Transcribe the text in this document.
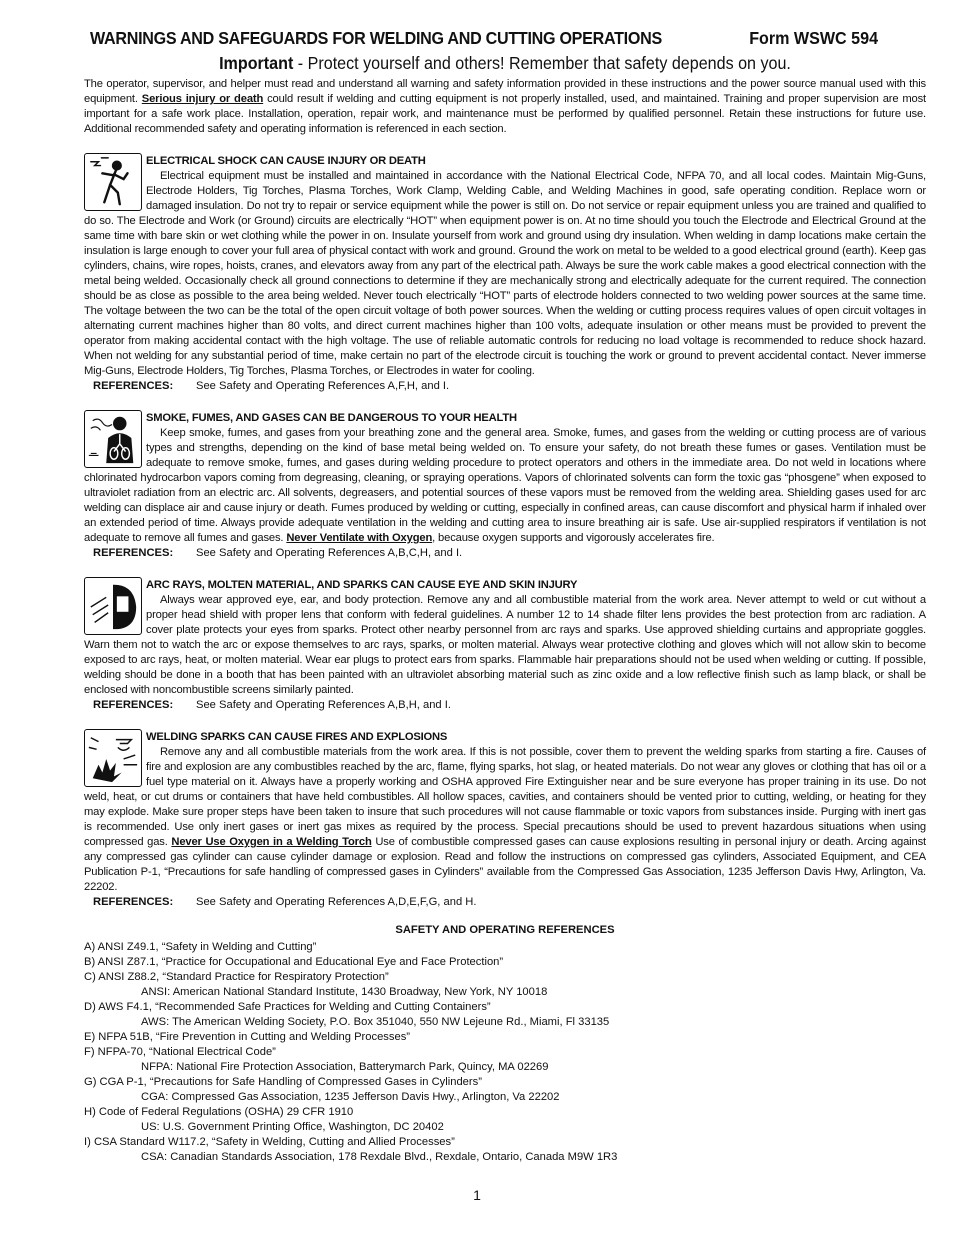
WARNINGS AND SAFEGUARDS FOR WELDING AND CUTTING OPERATIONS	Form WSWC 594
Important - Protect yourself and others! Remember that safety depends on you.
The operator, supervisor, and helper must read and understand all warning and safety information provided in these instructions and the power source manual used with this equipment. Serious injury or death could result if welding and cutting equipment is not properly installed, used, and maintained. Training and proper supervision are most important for a safe work place. Installation, operation, repair work, and maintenance must be performed by qualified personnel. Retain these instructions for future use. Additional recommended safety and operating information is referenced in each section.
ELECTRICAL SHOCK CAN CAUSE INJURY OR DEATH
Electrical equipment must be installed and maintained in accordance with the National Electrical Code, NFPA 70, and all local codes. Maintain Mig-Guns, Electrode Holders, Tig Torches, Plasma Torches, Work Clamp, Welding Cable, and Welding Machines in good, safe operating condition. Replace worn or damaged insulation. Do not try to repair or service equipment while the power is still on. Do not service or repair equipment unless you are trained and qualified to do so. The Electrode and Work (or Ground) circuits are electrically “HOT” when equipment power is on. At no time should you touch the Electrode and Electrical Ground at the same time with bare skin or wet clothing while the power in on. Insulate yourself from work and ground using dry insulation. When welding in damp locations make certain the insulation is large enough to cover your full area of physical contact with work and ground. Ground the work on metal to be welded to a good electrical ground (earth). Keep gas cylinders, chains, wire ropes, hoists, cranes, and elevators away from any part of the electrical path. Always be sure the work cable makes a good electrical connection with the metal being welded. Occasionally check all ground connections to determine if they are mechanically strong and electrically adequate for the current required. The connection should be as close as possible to the area being welded. Never touch electrically “HOT” parts of electrode holders connected to two welding power sources at the same time. The voltage between the two can be the total of the open circuit voltage of both power sources. When the welding or cutting process requires values of open circuit voltages in alternating current machines higher than 80 volts, and direct current machines higher than 100 volts, adequate insulation or other means must be provided to prevent the operator from making accidental contact with the high voltage. The use of reliable automatic controls for reducing no load voltage is recommended to reduce shock hazard. When not welding for any substantial period of time, make certain no part of the electrode circuit is touching the work or ground to prevent accidental contact. Never immerse Mig-Guns, Electrode Holders, Tig Torches, Plasma Torches, or Electrodes in water for cooling.
REFERENCES: See Safety and Operating References A,F,H, and I.
SMOKE, FUMES, AND GASES CAN BE DANGEROUS TO YOUR HEALTH
Keep smoke, fumes, and gases from your breathing zone and the general area. Smoke, fumes, and gases from the welding or cutting process are of various types and strengths, depending on the kind of base metal being welded on. To ensure your safety, do not breath these fumes or gases. Ventilation must be adequate to remove smoke, fumes, and gases during welding procedure to protect operators and others in the immediate area. Do not weld in locations where chlorinated hydrocarbon vapors coming from degreasing, cleaning, or spraying operations. Vapors of chlorinated solvents can form the toxic gas “phosgene” when exposed to ultraviolet radiation from an electric arc. All solvents, degreasers, and potential sources of these vapors must be removed from the welding area. Shielding gases used for arc welding can displace air and cause injury or death. Fumes produced by welding or cutting, especially in confined areas, can cause discomfort and physical harm if inhaled over an extended period of time. Always provide adequate ventilation in the welding and cutting area to insure breathing air is safe. Use air-supplied respirators if ventilation is not adequate to remove all fumes and gases. Never Ventilate with Oxygen, because oxygen supports and vigorously accelerates fire.
REFERENCES: See Safety and Operating References A,B,C,H, and I.
ARC RAYS, MOLTEN MATERIAL, AND SPARKS CAN CAUSE EYE AND SKIN INJURY
Always wear approved eye, ear, and body protection. Remove any and all combustible material from the work area. Never attempt to weld or cut without a proper head shield with proper lens that conform with federal guidelines. A number 12 to 14 shade filter lens provides the best protection from arc radiation. A cover plate protects your eyes from sparks. Protect other nearby personnel from arc rays and sparks. Use approved shielding curtains and appropriate goggles. Warn them not to watch the arc or expose themselves to arc rays, sparks, or molten material. Always wear protective clothing and gloves which will not allow skin to become exposed to arc rays, heat, or molten material. Wear ear plugs to protect ears from sparks. Flammable hair preparations should not be used when welding or cutting. If possible, welding should be done in a booth that has been painted with an ultraviolet absorbing material such as zinc oxide and a low reflective finish such as lamp black, or shall be enclosed with noncombustible screens similarly painted.
REFERENCES: See Safety and Operating References A,B,H, and I.
WELDING SPARKS CAN CAUSE FIRES AND EXPLOSIONS
Remove any and all combustible materials from the work area. If this is not possible, cover them to prevent the welding sparks from starting a fire. Causes of fire and explosion are any combustibles reached by the arc, flame, flying sparks, hot slag, or heated materials. Do not wear any gloves or clothing that has oil or a fuel type material on it. Always have a properly working and OSHA approved Fire Extinguisher near and be sure everyone has proper training in its use. Do not weld, heat, or cut drums or containers that have held combustibles. All hollow spaces, cavities, and containers should be vented prior to cutting, welding, or heating for they may explode. Make sure proper steps have been taken to insure that such procedures will not cause flammable or toxic vapors from substances inside. Purging with inert gas is recommended. Use only inert gases or inert gas mixes as required by the process. Special precautions should be used to prevent hazardous situations when using compressed gas. Never Use Oxygen in a Welding Torch Use of combustible compressed gases can cause explosions resulting in personal injury or death. Arcing against any compressed gas cylinder can cause cylinder damage or explosion. Read and follow the instructions on compressed gas cylinders, Associated Equipment, and CEA Publication P-1, “Precautions for safe handling of compressed gases in Cylinders” available from the Compressed Gas Association, 1235 Jefferson Davis Hwy, Arlington, Va. 22202.
REFERENCES: See Safety and Operating References A,D,E,F,G, and H.
SAFETY AND OPERATING REFERENCES
A) ANSI Z49.1, “Safety in Welding and Cutting”
B) ANSI Z87.1, “Practice for Occupational and Educational Eye and Face Protection”
C) ANSI Z88.2, “Standard Practice for Respiratory Protection”
ANSI: American National Standard Institute, 1430 Broadway, New York, NY 10018
D) AWS F4.1, “Recommended Safe Practices for Welding and Cutting Containers”
AWS: The American Welding Society, P.O. Box 351040, 550 NW Lejeune Rd., Miami, Fl 33135
E) NFPA 51B, “Fire Prevention in Cutting and Welding Processes”
F) NFPA-70, “National Electrical Code”
NFPA: National Fire Protection Association, Batterymarch Park, Quincy, MA 02269
G) CGA P-1, “Precautions for Safe Handling of Compressed Gases in Cylinders”
CGA: Compressed Gas Association, 1235 Jefferson Davis Hwy., Arlington, Va 22202
H) Code of Federal Regulations (OSHA) 29 CFR 1910
US: U.S. Government Printing Office, Washington, DC 20402
I) CSA Standard W117.2, “Safety in Welding, Cutting and Allied Processes”
CSA: Canadian Standards Association, 178 Rexdale Blvd., Rexdale, Ontario, Canada M9W 1R3
1
